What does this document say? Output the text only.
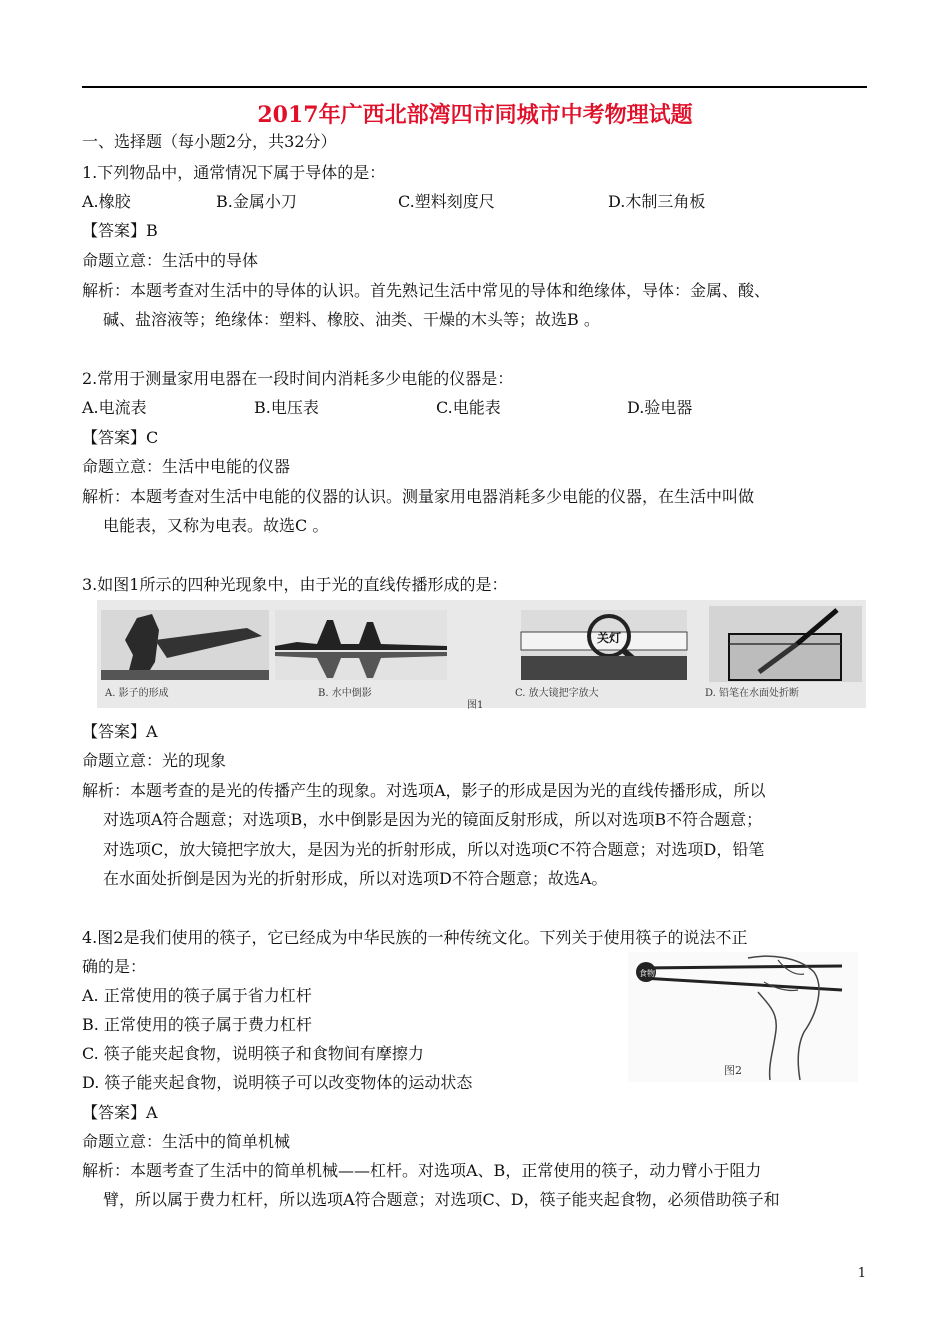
2017年广西北部湾四市同城市中考物理试题
一、选择题（每小题2分，共32分）
1.下列物品中，通常情况下属于导体的是：
A.橡胶	B.金属小刀	C.塑料刻度尺	D.木制三角板
【答案】B
命题立意：生活中的导体
解析：本题考查对生活中的导体的认识。首先熟记生活中常见的导体和绝缘体，导体：金属、酸、
碱、盐溶液等；绝缘体：塑料、橡胶、油类、干燥的木头等；故选B 。
2.常用于测量家用电器在一段时间内消耗多少电能的仪器是：
A.电流表	B.电压表	C.电能表	D.验电器
【答案】C
命题立意：生活中电能的仪器
解析：本题考查对生活中电能的仪器的认识。测量家用电器消耗多少电能的仪器，在生活中叫做
电能表，又称为电表。故选C 。
3.如图1所示的四种光现象中，由于光的直线传播形成的是：
关灯
A. 影子的形成	B. 水中倒影	C. 放大镜把字放大	D. 铅笔在水面处折断
图1
【答案】A
命题立意：光的现象
解析：本题考查的是光的传播产生的现象。对选项A，影子的形成是因为光的直线传播形成，所以
对选项A符合题意；对选项B，水中倒影是因为光的镜面反射形成，所以对选项B不符合题意；
对选项C，放大镜把字放大，是因为光的折射形成，所以对选项C不符合题意；对选项D，铅笔
在水面处折倒是因为光的折射形成，所以对选项D不符合题意；故选A。
4.图2是我们使用的筷子，它已经成为中华民族的一种传统文化。下列关于使用筷子的说法不正
确的是：
A. 正常使用的筷子属于省力杠杆
B. 正常使用的筷子属于费力杠杆
C. 筷子能夹起食物，说明筷子和食物间有摩擦力
D. 筷子能夹起食物，说明筷子可以改变物体的运动状态
食物
图2
【答案】A
命题立意：生活中的简单机械
解析：本题考查了生活中的简单机械——杠杆。对选项A、B，正常使用的筷子，动力臂小于阻力
臂，所以属于费力杠杆，所以选项A符合题意；对选项C、D，筷子能夹起食物，必须借助筷子和
1
